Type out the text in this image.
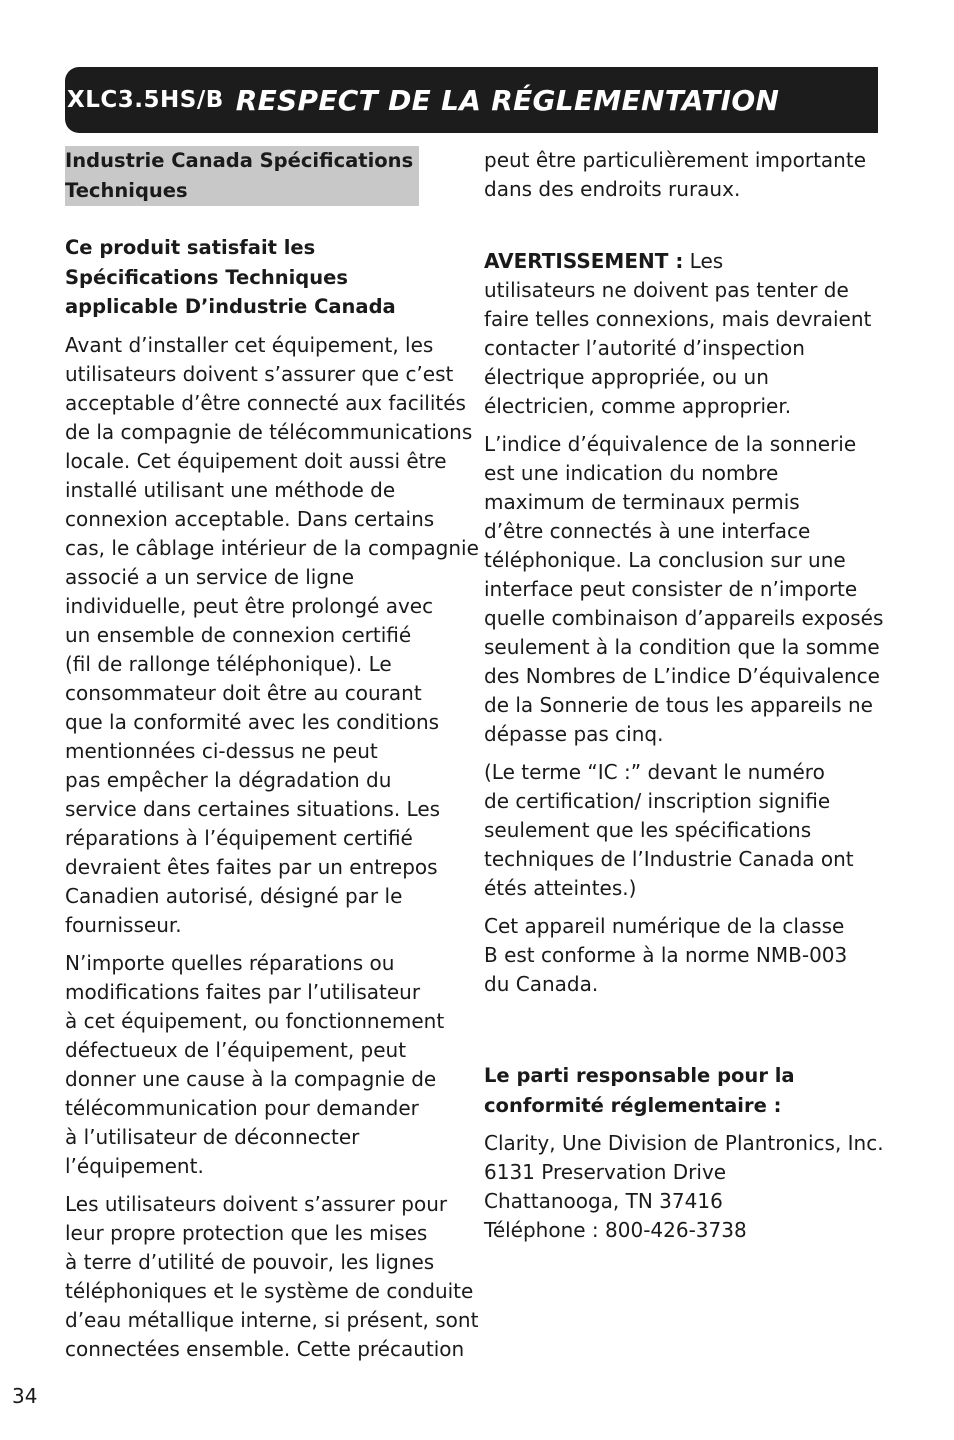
XLC3.5HS/B RESPECT DE LA RÉGLEMENTATION
Industrie Canada Spécifications
Techniques
Ce produit satisfait les
Spécifications Techniques
applicable D’industrie Canada

Avant d’installer cet équipement, les
utilisateurs doivent s’assurer que c’est
acceptable d’être connecté aux facilités
de la compagnie de télécommunications
locale. Cet équipement doit aussi être
installé utilisant une méthode de
connexion acceptable. Dans certains
cas, le câblage intérieur de la compagnie
associé a un service de ligne
individuelle, peut être prolongé avec
un ensemble de connexion certifié
(fil de rallonge téléphonique). Le
consommateur doit être au courant
que la conformité avec les conditions
mentionnées ci-dessus ne peut
pas empêcher la dégradation du
service dans certaines situations. Les
réparations à l’équipement certifié
devraient êtes faites par un entrepos
Canadien autorisé, désigné par le
fournisseur.

N’importe quelles réparations ou
modifications faites par l’utilisateur
à cet équipement, ou fonctionnement
défectueux de l’équipement, peut
donner une cause à la compagnie de
télécommunication pour demander
à l’utilisateur de déconnecter
l’équipement.

Les utilisateurs doivent s’assurer pour
leur propre protection que les mises
à terre d’utilité de pouvoir, les lignes
téléphoniques et le système de conduite
d’eau métallique interne, si présent, sont
connectées ensemble. Cette précaution

peut être particulièrement importante
dans des endroits ruraux.

AVERTISSEMENT : Les
utilisateurs ne doivent pas tenter de
faire telles connexions, mais devraient
contacter l’autorité d’inspection
électrique appropriée, ou un
électricien, comme approprier.

L’indice d’équivalence de la sonnerie
est une indication du nombre
maximum de terminaux permis
d’être connectés à une interface
téléphonique. La conclusion sur une
interface peut consister de n’importe
quelle combinaison d’appareils exposés
seulement à la condition que la somme
des Nombres de L’indice D’équivalence
de la Sonnerie de tous les appareils ne
dépasse pas cinq.

(Le terme “IC :” devant le numéro
de certification/ inscription signifie
seulement que les spécifications
techniques de l’Industrie Canada ont
étés atteintes.)

Cet appareil numérique de la classe
B est conforme à la norme NMB-003
du Canada.

Le parti responsable pour la
conformité réglementaire :

Clarity, Une Division de Plantronics, Inc.
6131 Preservation Drive
Chattanooga, TN 37416
Téléphone : 800-426-3738

34
